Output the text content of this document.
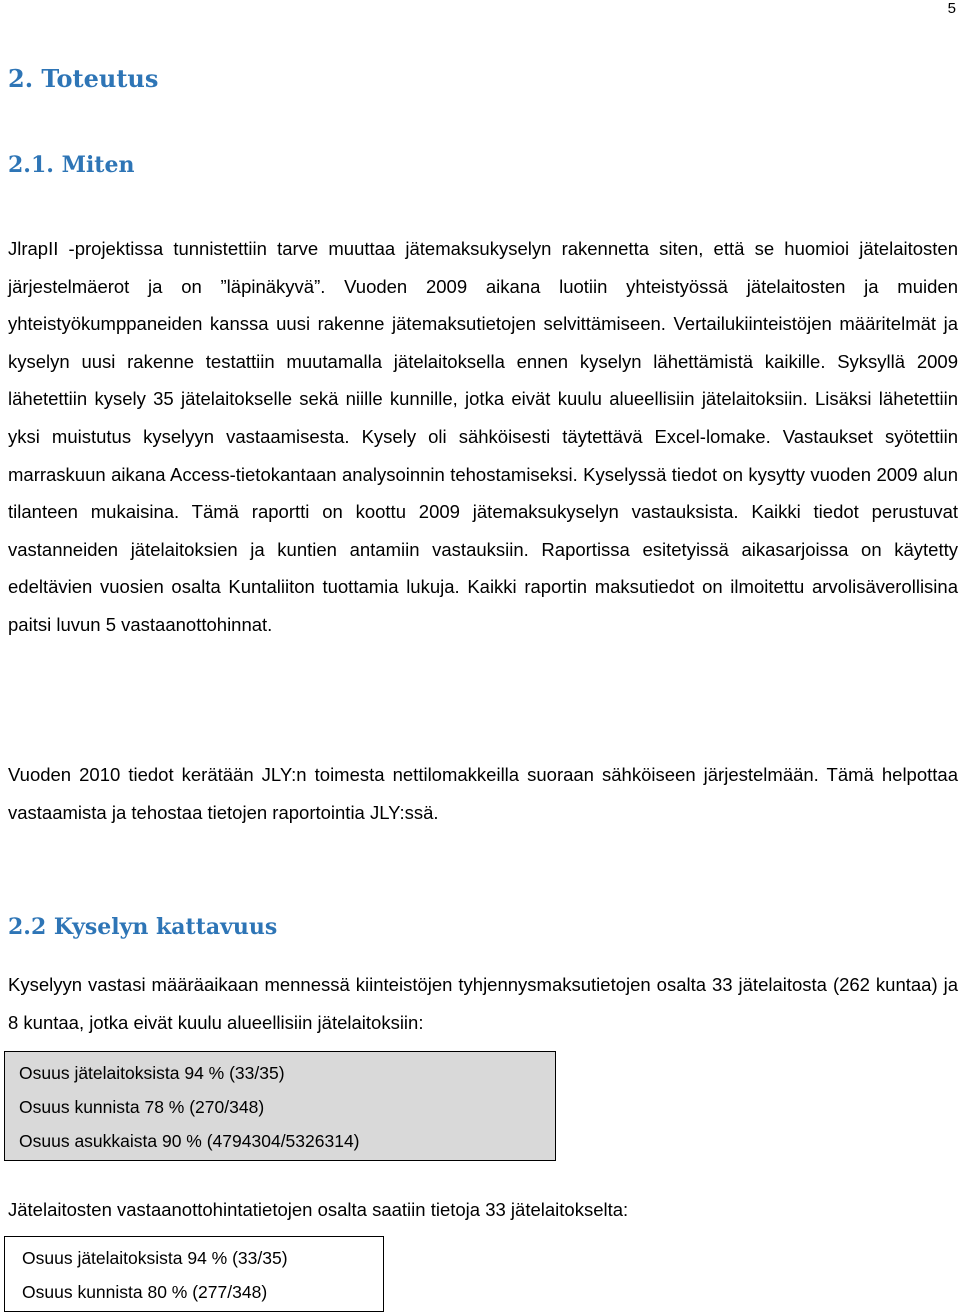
5
2. Toteutus
2.1. Miten

JlrapII -projektissa tunnistettiin tarve muuttaa jätemaksukyselyn rakennetta siten, että se huomioi jätelaitosten järjestelmäerot ja on ”läpinäkyvä”. Vuoden 2009 aikana luotiin yhteistyössä jätelaitosten ja muiden yhteistyökumppaneiden kanssa uusi rakenne jätemaksutietojen selvittämiseen. Vertailukiinteistöjen määritelmät ja kyselyn uusi rakenne testattiin muutamalla jätelaitoksella ennen kyselyn lähettämistä kaikille. Syksyllä 2009 lähetettiin kysely 35 jätelaitokselle sekä niille kunnille, jotka eivät kuulu alueellisiin jätelaitoksiin. Lisäksi lähetettiin yksi muistutus kyselyyn vastaamisesta. Kysely oli sähköisesti täytettävä Excel-lomake. Vastaukset syötettiin marraskuun aikana Access-tietokantaan analysoinnin tehostamiseksi. Kyselyssä tiedot on kysytty vuoden 2009 alun tilanteen mukaisina. Tämä raportti on koottu 2009 jätemaksukyselyn vastauksista. Kaikki tiedot perustuvat vastanneiden jätelaitoksien ja kuntien antamiin vastauksiin. Raportissa esitetyissä aikasarjoissa on käytetty edeltävien vuosien osalta Kuntaliiton tuottamia lukuja. Kaikki raportin maksutiedot on ilmoitettu arvolisäverollisina paitsi luvun 5 vastaanottohinnat.

Vuoden 2010 tiedot kerätään JLY:n toimesta nettilomakkeilla suoraan sähköiseen järjestelmään. Tämä helpottaa vastaamista ja tehostaa tietojen raportointia JLY:ssä.

2.2 Kyselyn kattavuus

Kyselyyn vastasi määräaikaan mennessä kiinteistöjen tyhjennysmaksutietojen osalta 33 jätelaitosta (262 kuntaa) ja 8 kuntaa, jotka eivät kuulu alueellisiin jätelaitoksiin:

Osuus jätelaitoksista 94 % (33/35)
Osuus kunnista 78 % (270/348)
Osuus asukkaista 90 % (4794304/5326314)

Jätelaitosten vastaanottohintatietojen osalta saatiin tietoja 33 jätelaitokselta:

Osuus jätelaitoksista 94 % (33/35)
Osuus kunnista 80 % (277/348)
